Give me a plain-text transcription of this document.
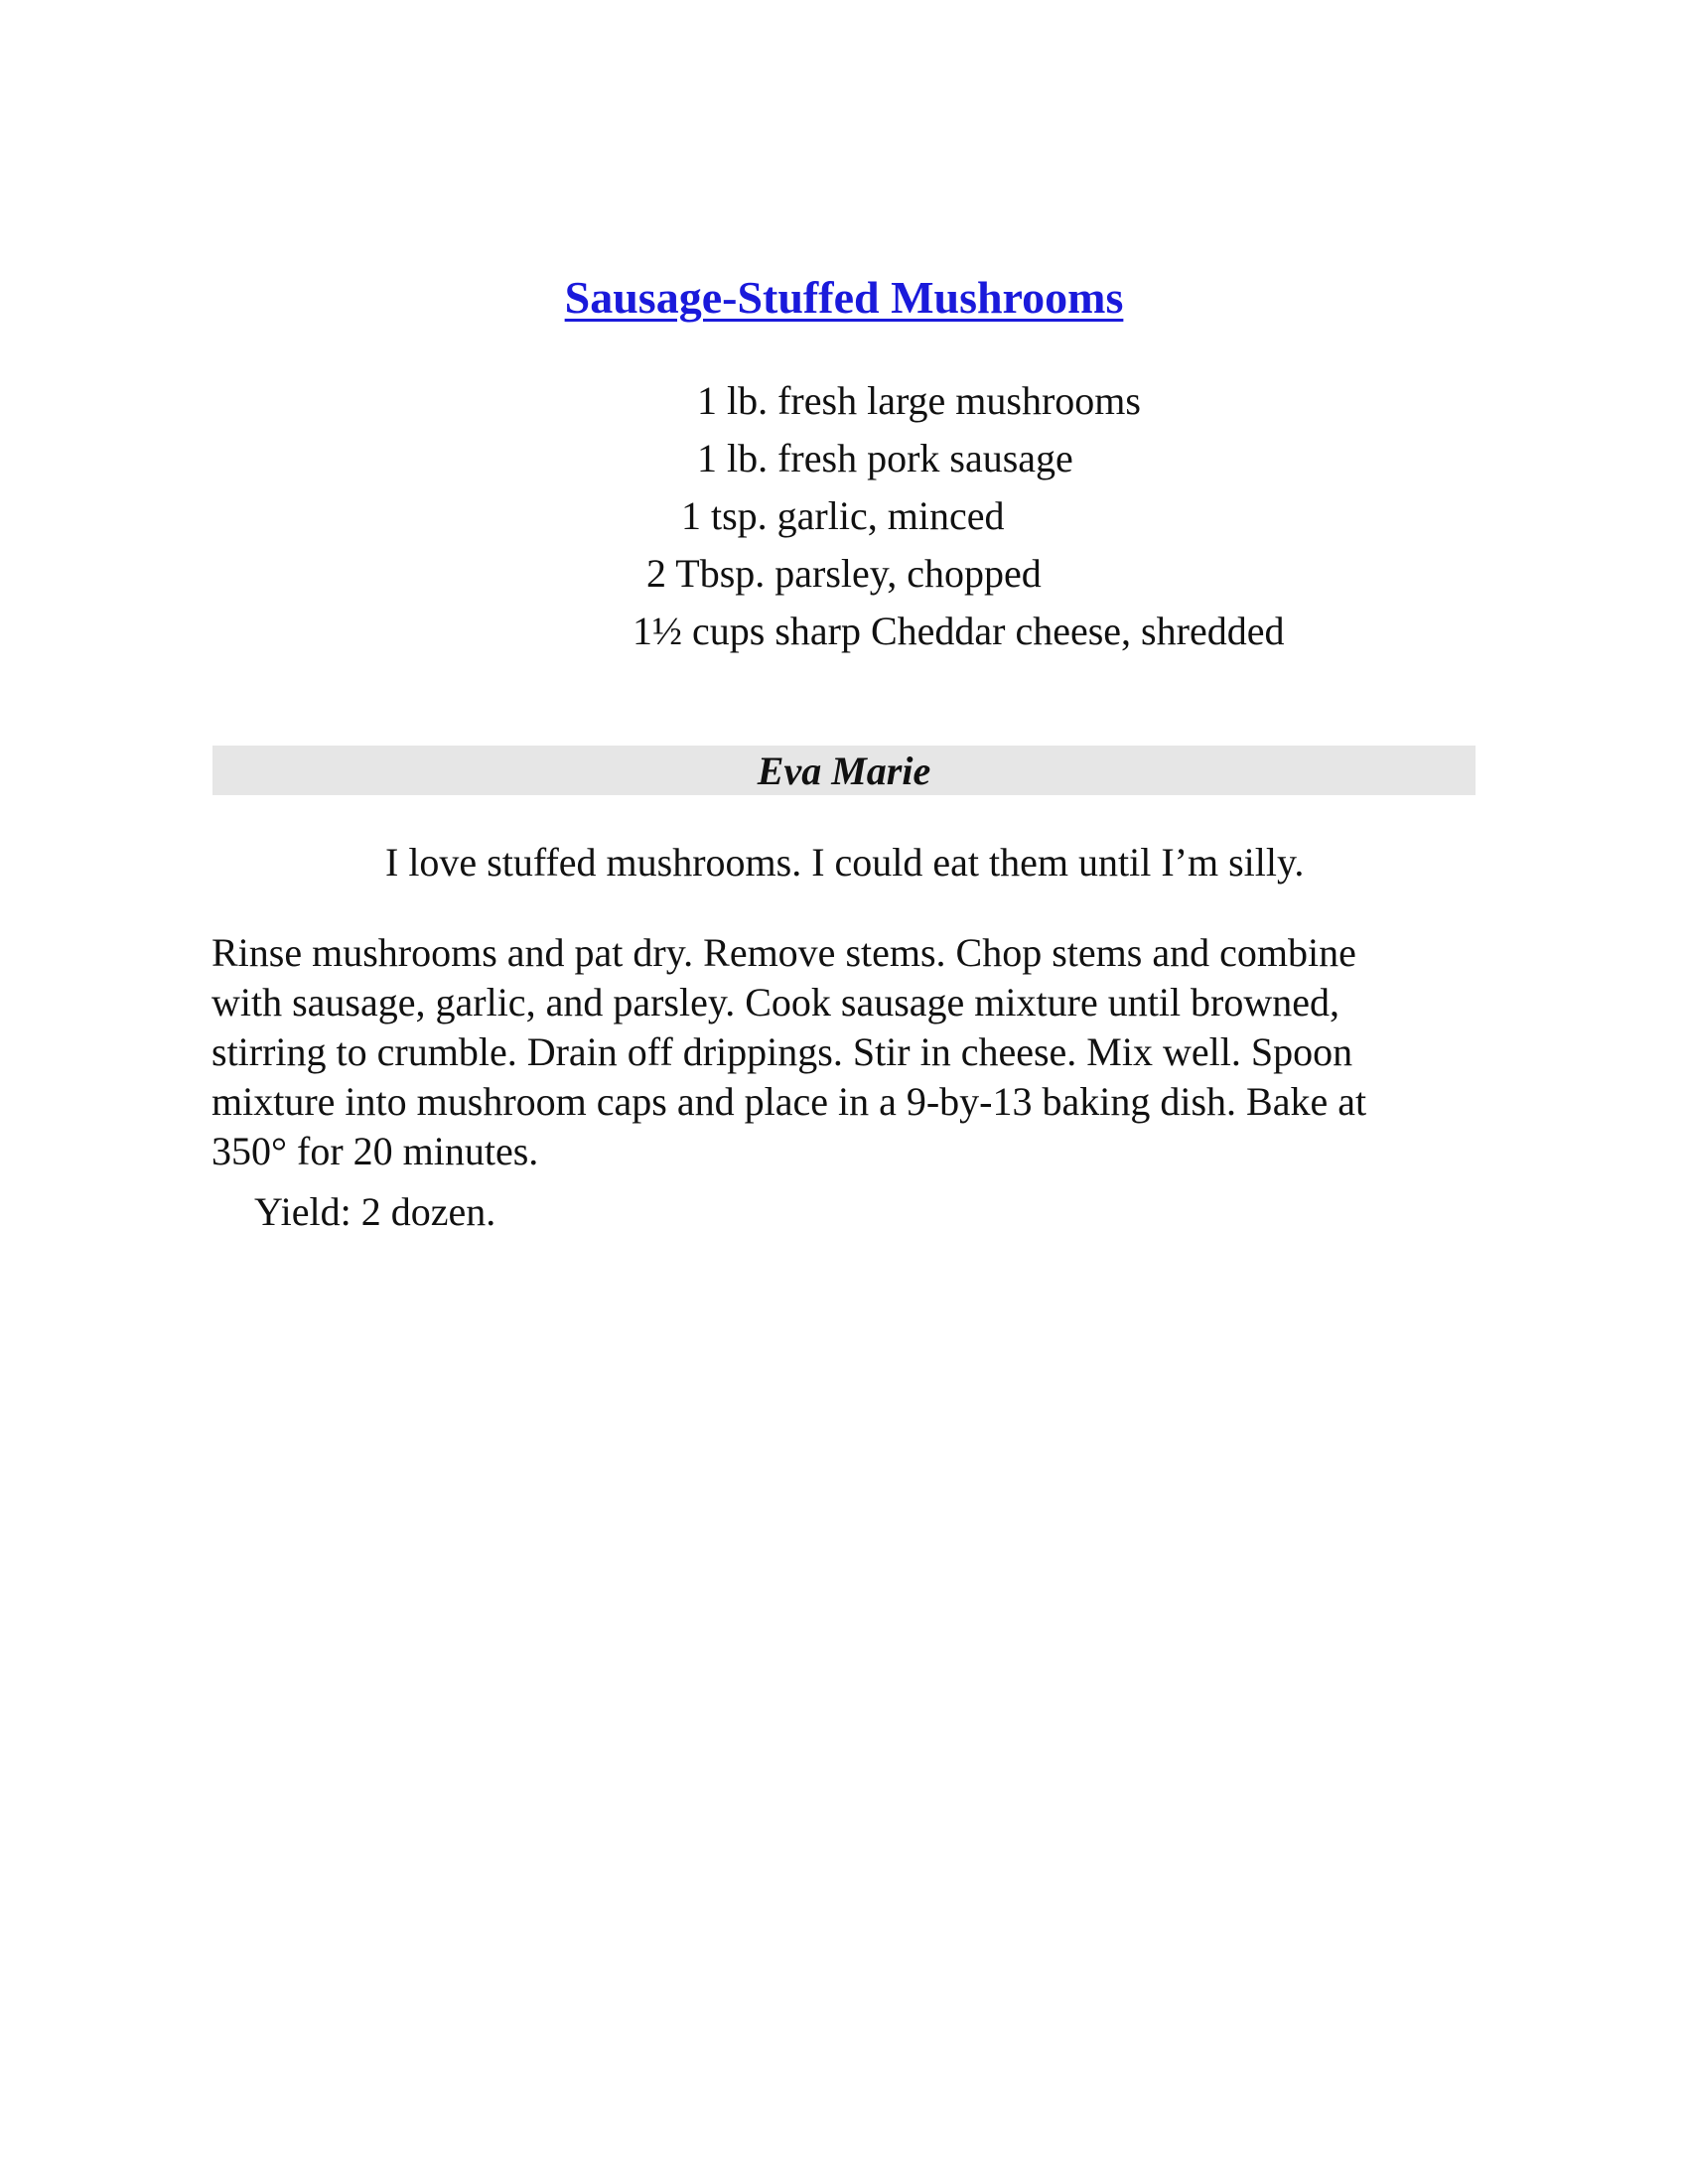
Sausage-Stuffed Mushrooms
1 lb. fresh large mushrooms
1 lb. fresh pork sausage
1 tsp. garlic, minced
2 Tbsp. parsley, chopped
1½ cups sharp Cheddar cheese, shredded
Eva Marie

I love stuffed mushrooms. I could eat them until I’m silly.

Rinse mushrooms and pat dry. Remove stems. Chop stems and combine with sausage, garlic, and parsley. Cook sausage mixture until browned, stirring to crumble. Drain off drippings. Stir in cheese. Mix well. Spoon mixture into mushroom caps and place in a 9-by-13 baking dish. Bake at 350° for 20 minutes.

Yield: 2 dozen.
